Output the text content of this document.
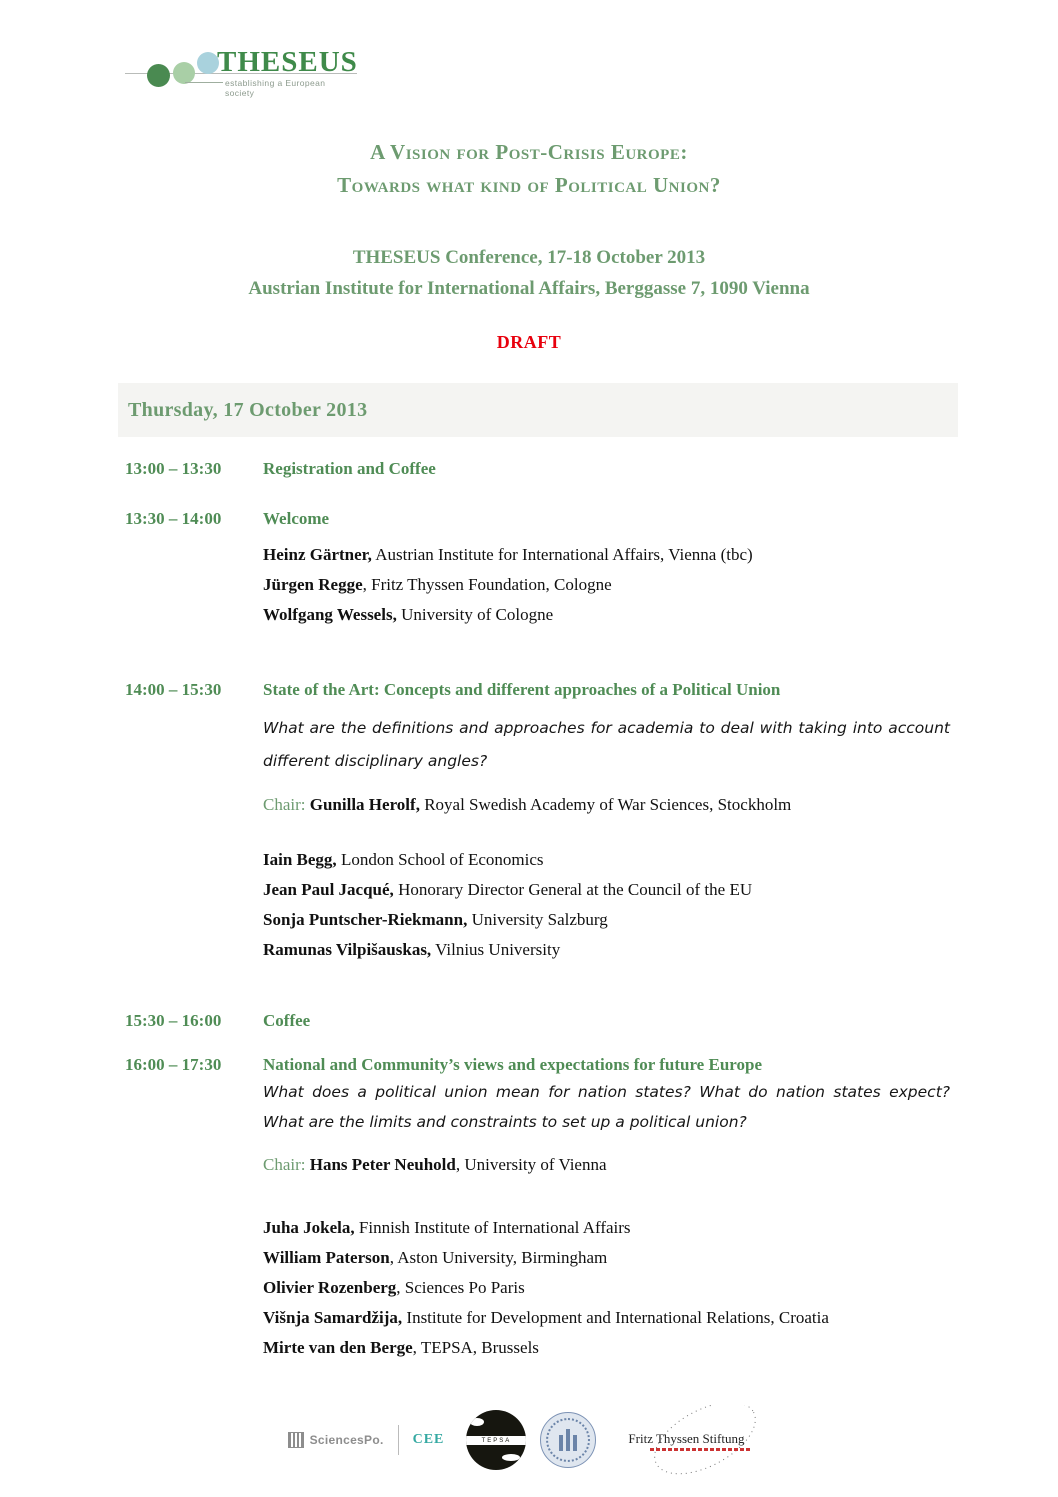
THESEUS
establishing a European society
A Vision for Post-Crisis Europe:
Towards what kind of Political Union?
THESEUS Conference, 17-18 October 2013
Austrian Institute for International Affairs, Berggasse 7, 1090 Vienna
DRAFT
Thursday, 17 October 2013
13:00 – 13:30	Registration and Coffee
13:30 – 14:00	Welcome
Heinz Gärtner, Austrian Institute for International Affairs, Vienna (tbc)
Jürgen Regge, Fritz Thyssen Foundation, Cologne
Wolfgang Wessels, University of Cologne
14:00 – 15:30	State of the Art: Concepts and different approaches of a Political Union
What are the definitions and approaches for academia to deal with taking into account different disciplinary angles?
Chair: Gunilla Herolf, Royal Swedish Academy of War Sciences, Stockholm
Iain Begg, London School of Economics
Jean Paul Jacqué, Honorary Director General at the Council of the EU
Sonja Puntscher-Riekmann, University Salzburg
Ramunas Vilpišauskas, Vilnius University
15:30 – 16:00	Coffee
16:00 – 17:30	National and Community’s views and expectations for future Europe
What does a political union mean for nation states? What do nation states expect? What are the limits and constraints to set up a political union?
Chair: Hans Peter Neuhold, University of Vienna
Juha Jokela, Finnish Institute of International Affairs
William Paterson, Aston University, Birmingham
Olivier Rozenberg, Sciences Po Paris
Višnja Samardžija, Institute for Development and International Relations, Croatia
Mirte van den Berge, TEPSA, Brussels
SciencesPo. CEE	TEPSA	Fritz Thyssen Stiftung
